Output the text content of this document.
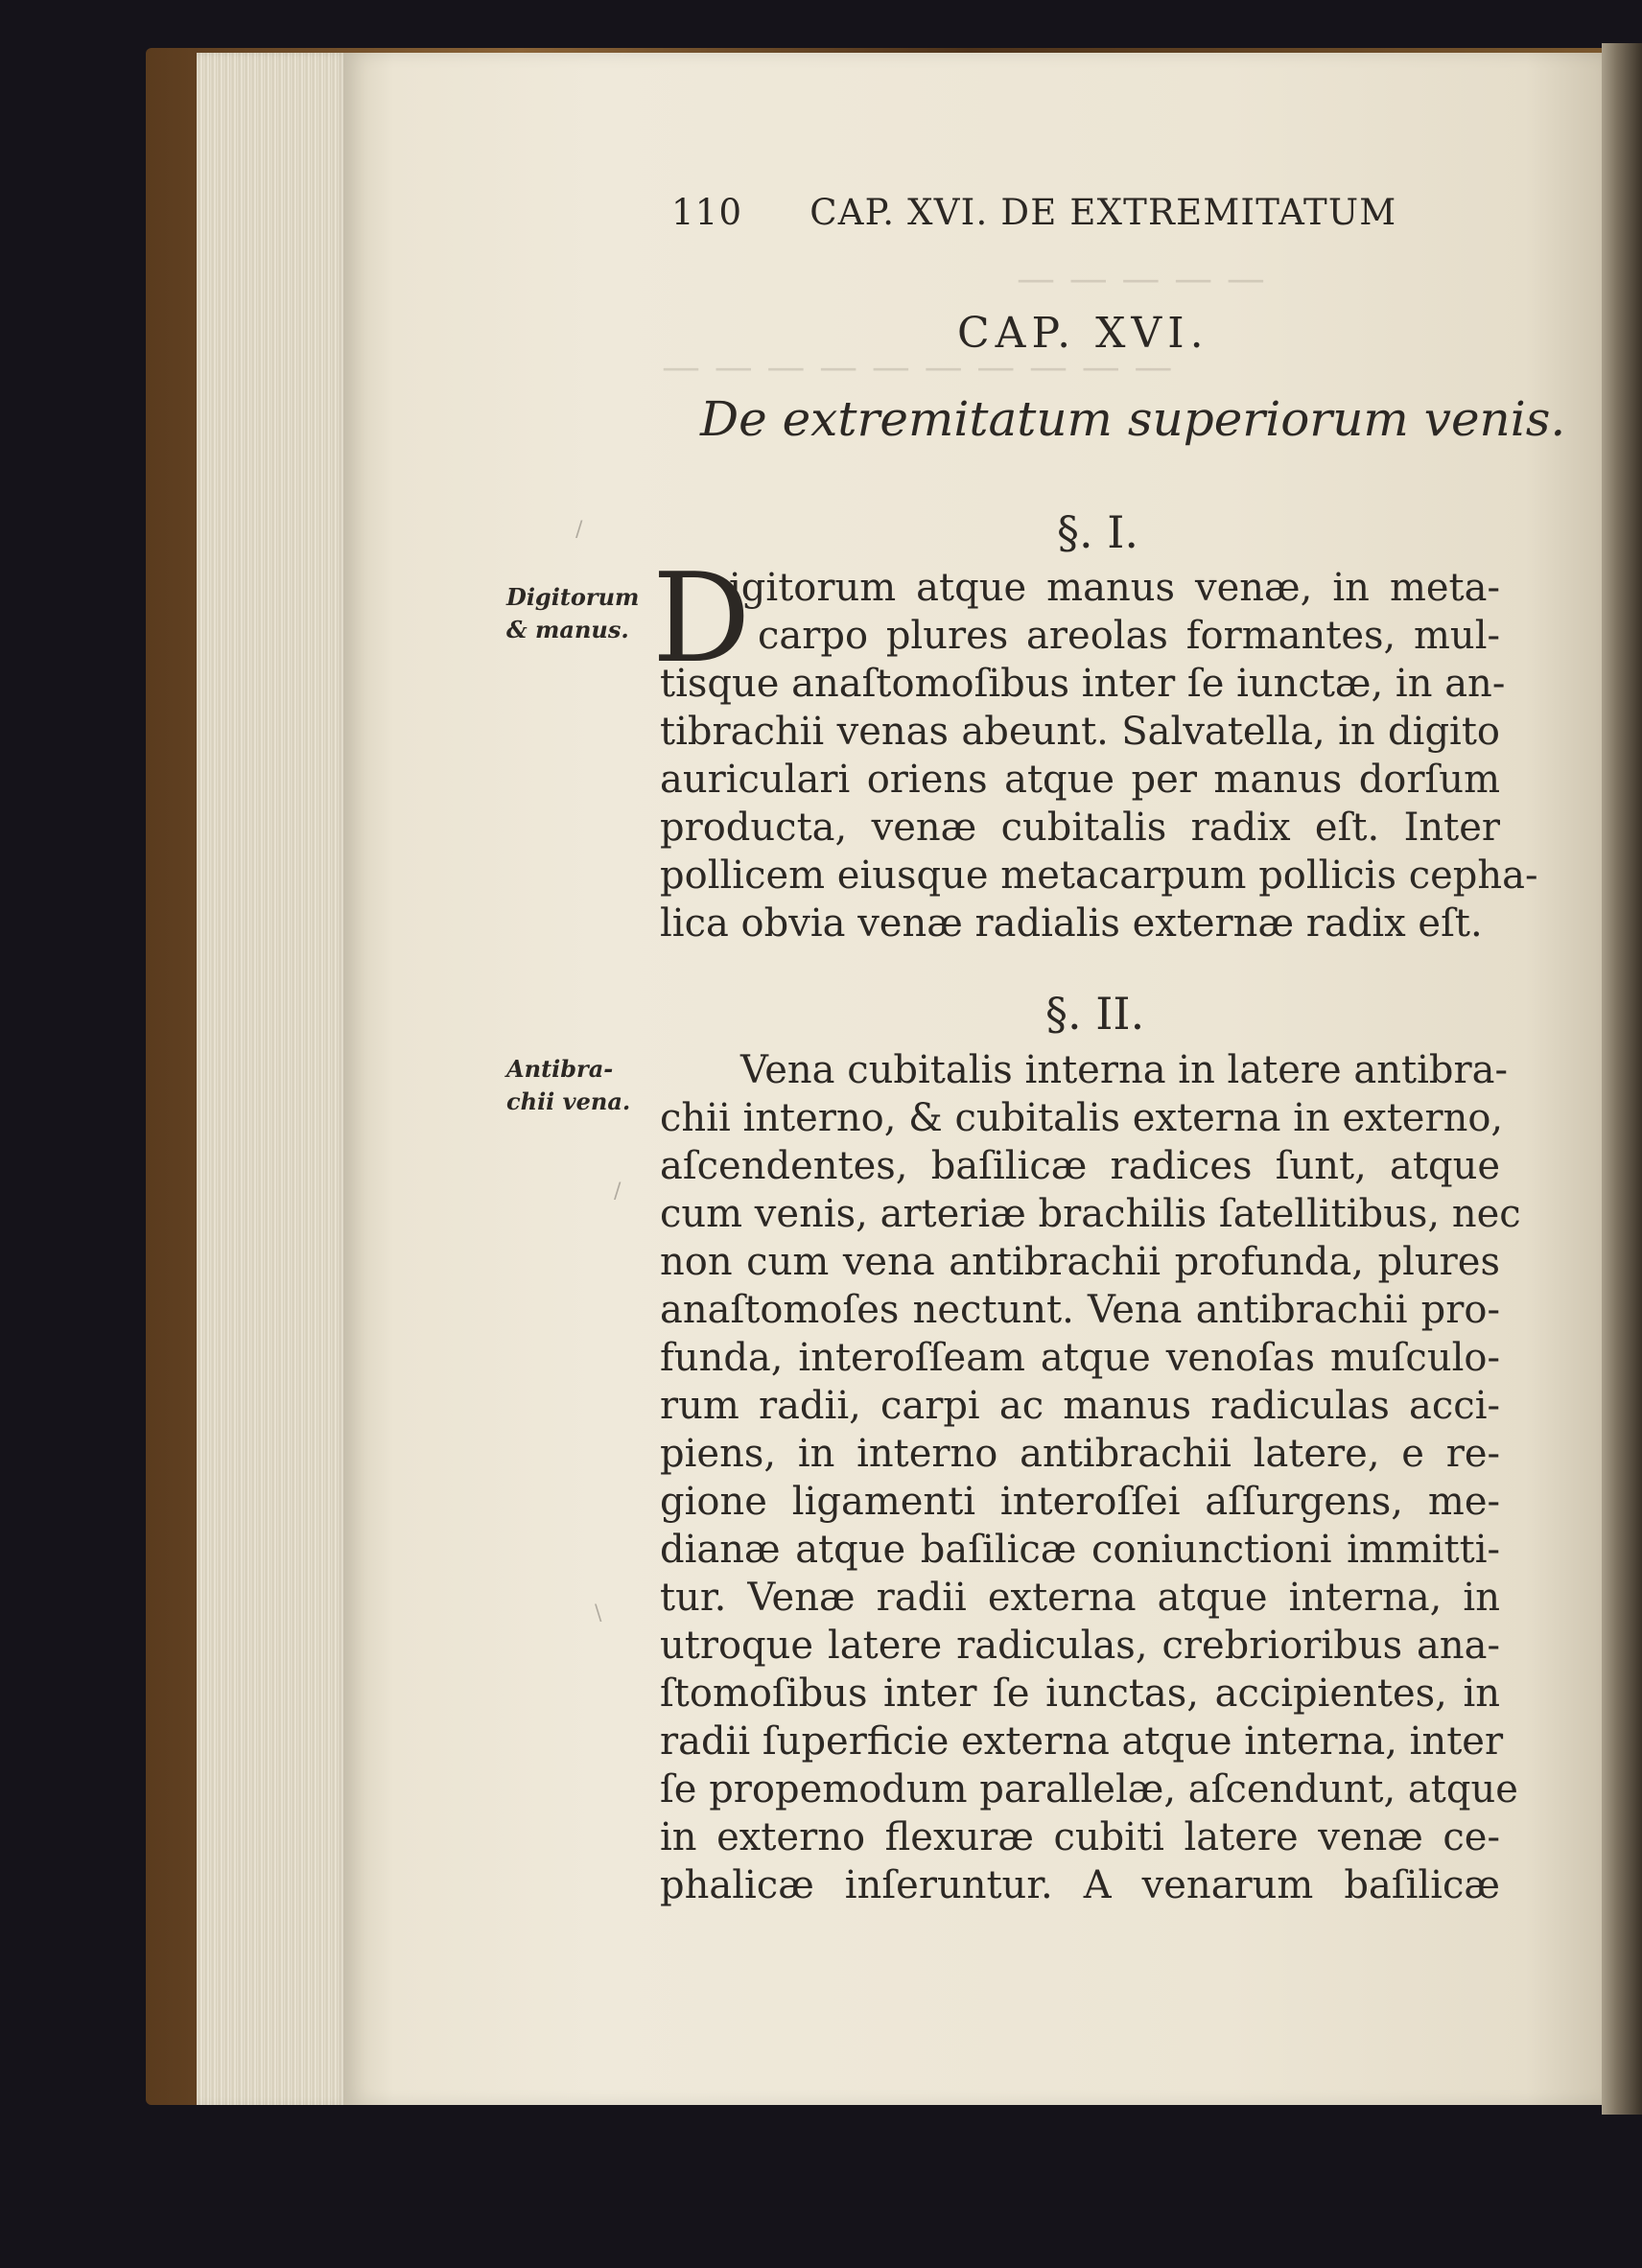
— — — — —
— — — — — — — — — —
110 CAP. XVI. DE EXTREMITATUM
CAP. XVI.
De extremitatum superiorum venis.
§. I.
Digitorum
& manus. D
igitorum atque manus venæ, in meta-
carpo plures areolas formantes, mul-
tisque anaſtomoſibus inter ſe iunctæ, in an-
tibrachii venas abeunt. Salvatella, in digito
auriculari oriens atque per manus dorſum
producta, venæ cubitalis radix eſt. Inter
pollicem eiusque metacarpum pollicis cepha-
lica obvia venæ radialis externæ radix eſt.
§. II.
Antibra-
chii vena.
Vena cubitalis interna in latere antibra-
chii interno, & cubitalis externa in externo,
aſcendentes, baſilicæ radices ſunt, atque
cum venis, arteriæ brachilis ſatellitibus, nec
non cum vena antibrachii profunda, plures
anaſtomoſes nectunt. Vena antibrachii pro-
funda, interoſſeam atque venoſas muſculo-
rum radii, carpi ac manus radiculas acci-
piens, in interno antibrachii latere, e re-
gione ligamenti interoſſei aſſurgens, me-
dianæ atque baſilicæ coniunctioni immitti-
tur. Venæ radii externa atque interna, in
utroque latere radiculas, crebrioribus ana-
ſtomoſibus inter ſe iunctas, accipientes, in
radii ſuperficie externa atque interna, inter
ſe propemodum parallelæ, aſcendunt, atque
in externo flexuræ cubiti latere venæ ce-
phalicæ inſeruntur. A venarum baſilicæ
\
/
/
